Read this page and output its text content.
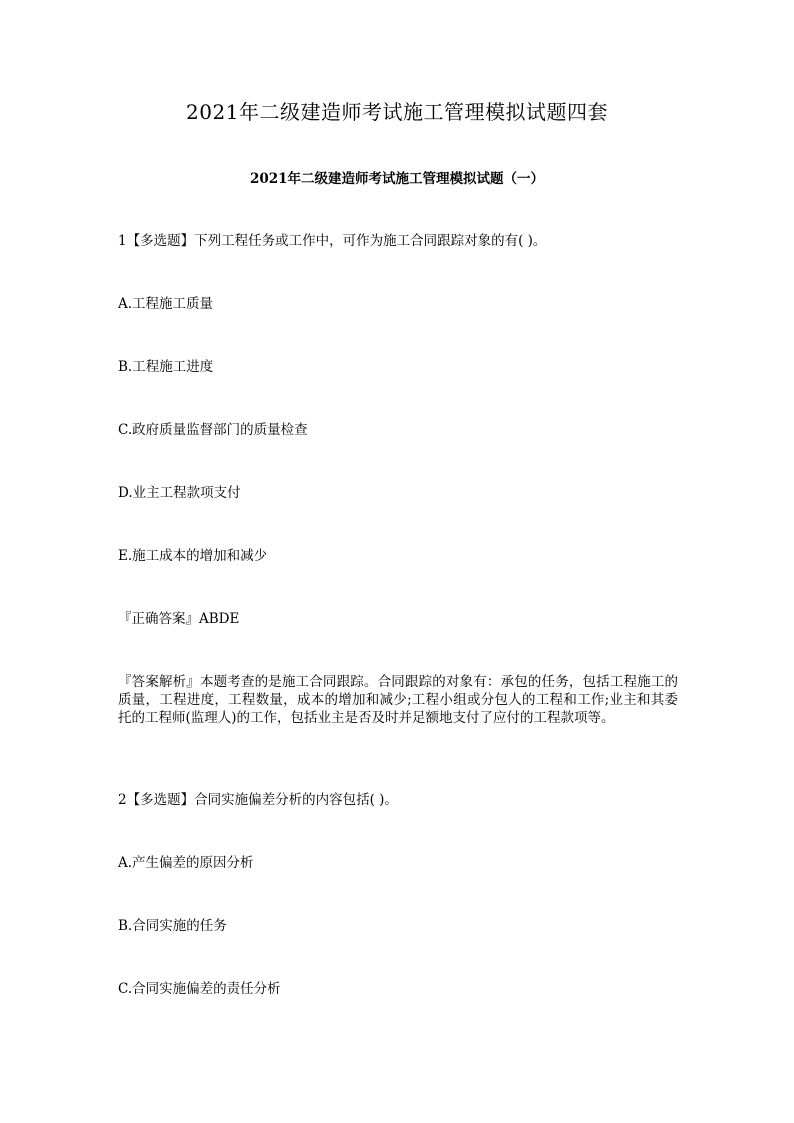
2021年二级建造师考试施工管理模拟试题四套
2021年二级建造师考试施工管理模拟试题（一）
1【多选题】下列工程任务或工作中，可作为施工合同跟踪对象的有( )。
A.工程施工质量
B.工程施工进度
C.政府质量监督部门的质量检查
D.业主工程款项支付
E.施工成本的增加和减少
『正确答案』ABDE
『答案解析』本题考查的是施工合同跟踪。合同跟踪的对象有：承包的任务，包括工程施工的质量，工程进度，工程数量，成本的增加和减少;工程小组或分包人的工程和工作;业主和其委托的工程师(监理人)的工作，包括业主是否及时并足额地支付了应付的工程款项等。
2【多选题】合同实施偏差分析的内容包括( )。
A.产生偏差的原因分析
B.合同实施的任务
C.合同实施偏差的责任分析
